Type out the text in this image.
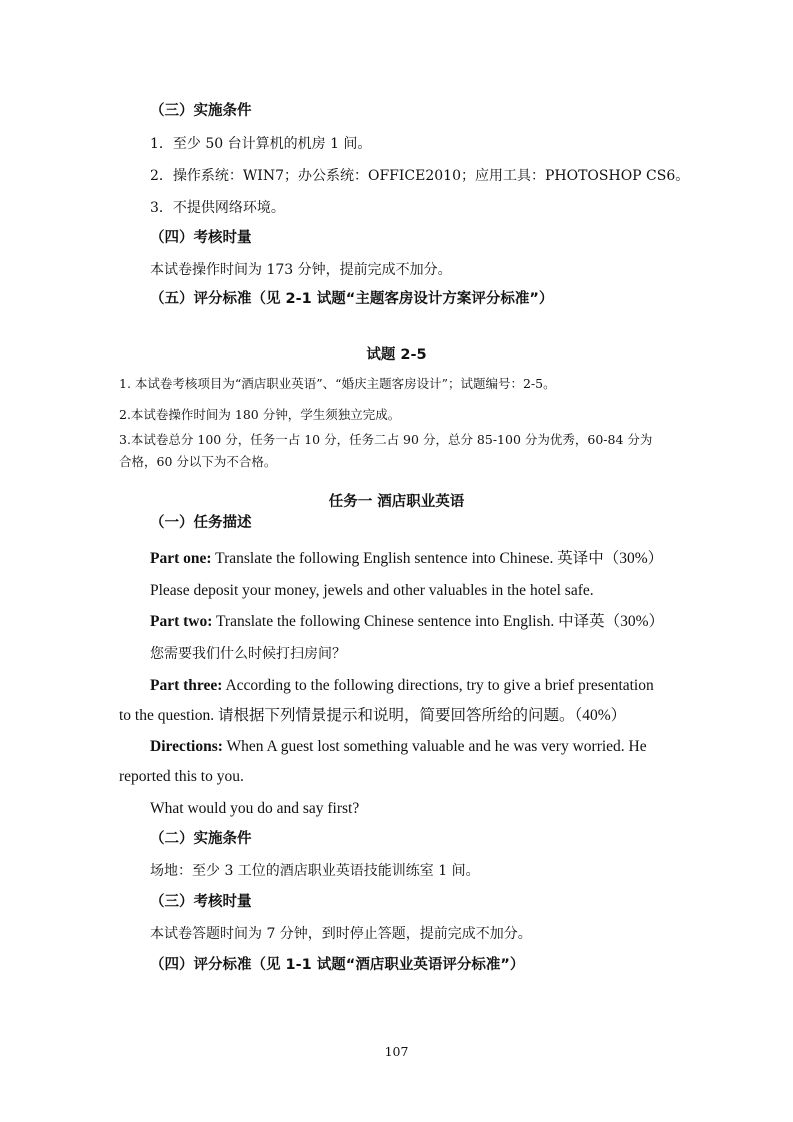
（三）实施条件
1．至少 50 台计算机的机房 1 间。
2．操作系统：WIN7；办公系统：OFFICE2010；应用工具：PHOTOSHOP CS6。
3．不提供网络环境。
（四）考核时量
本试卷操作时间为 173 分钟，提前完成不加分。
（五）评分标准（见 2-1 试题“主题客房设计方案评分标准”）
试题 2-5
1. 本试卷考核项目为“酒店职业英语”、“婚庆主题客房设计”；试题编号：2-5。
2.本试卷操作时间为 180 分钟，学生须独立完成。
3.本试卷总分 100 分，任务一占 10 分，任务二占 90 分，总分 85-100 分为优秀，60-84 分为
合格，60 分以下为不合格。
任务一 酒店职业英语
（一）任务描述
Part one: Translate the following English sentence into Chinese. 英译中（30%）
Please deposit your money, jewels and other valuables in the hotel safe.
Part two: Translate the following Chinese sentence into English. 中译英（30%）
您需要我们什么时候打扫房间？
Part three: According to the following directions, try to give a brief presentation
to the question. 请根据下列情景提示和说明，简要回答所给的问题。（40%）
Directions: When A guest lost something valuable and he was very worried. He
reported this to you.
What would you do and say first?
（二）实施条件
场地：至少 3 工位的酒店职业英语技能训练室 1 间。
（三）考核时量
本试卷答题时间为 7 分钟，到时停止答题，提前完成不加分。
（四）评分标准（见 1-1 试题“酒店职业英语评分标准”）
107
